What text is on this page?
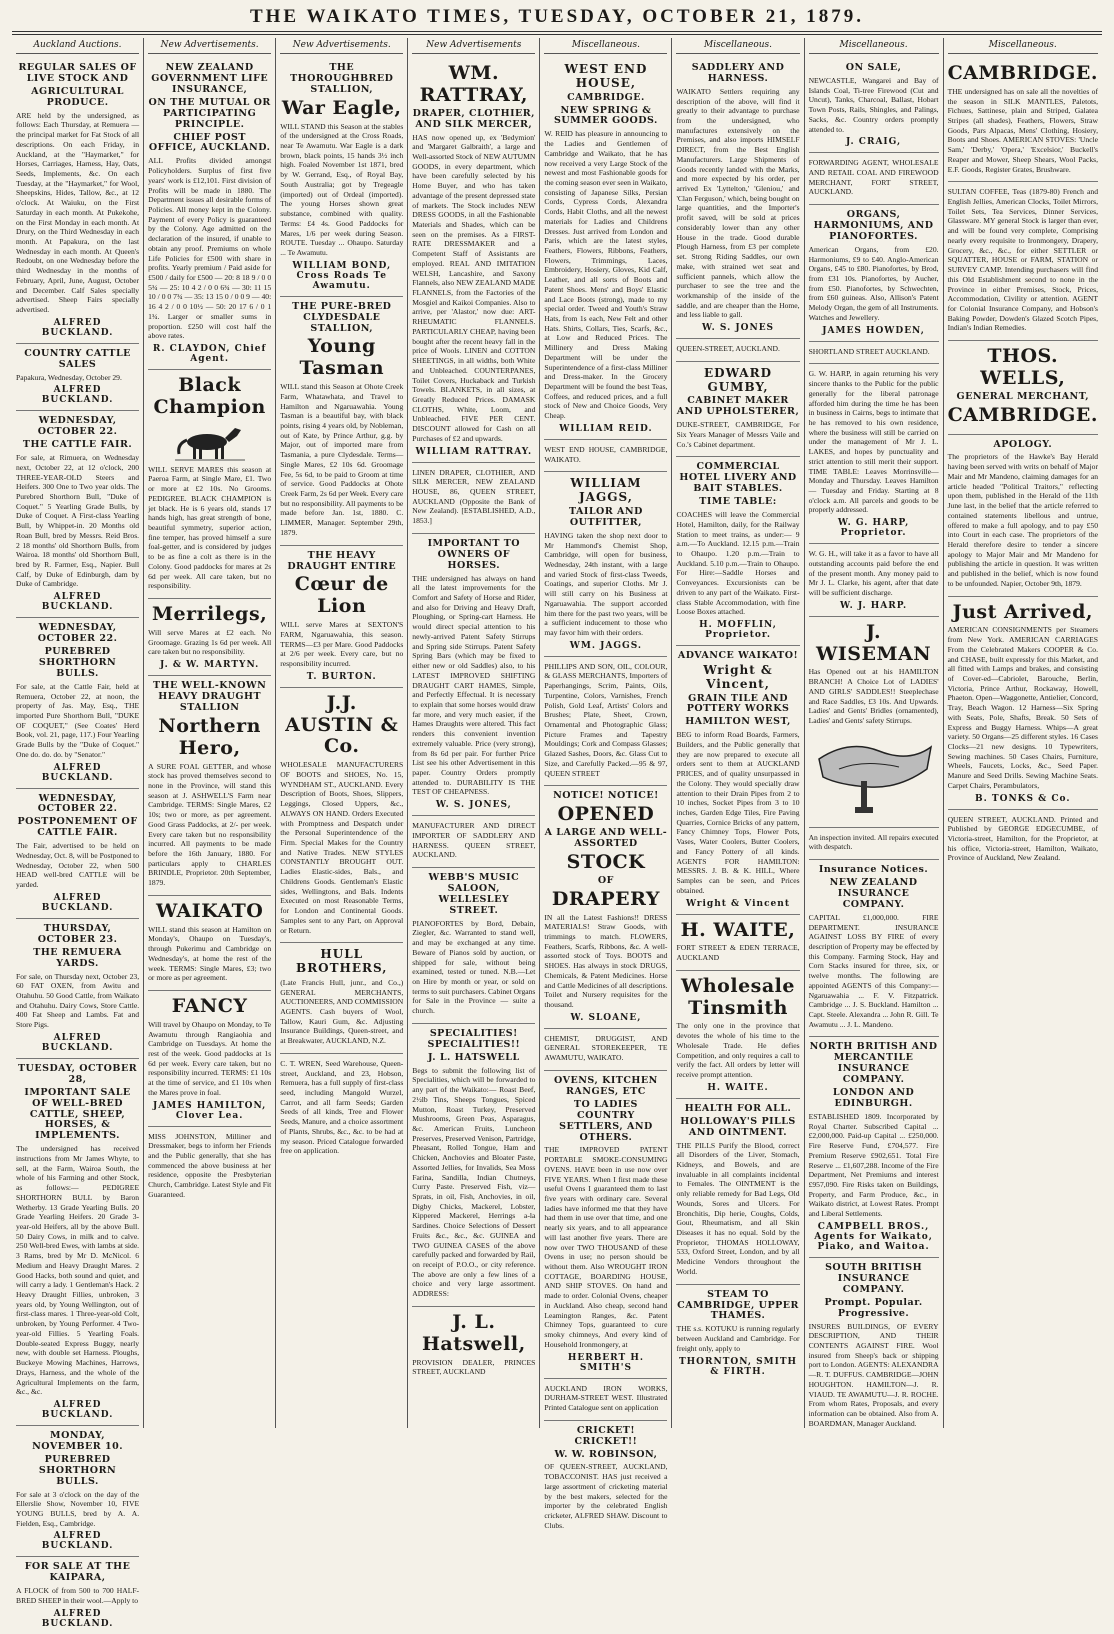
THE WAIKATO TIMES, TUESDAY, OCTOBER 21, 1879.
Auckland Auctions.
REGULAR SALES OF LIVE STOCK AND
AGRICULTURAL PRODUCE.
ARE held by the undersigned, as follows: Each Thursday, at Remuera — the principal market for Fat Stock of all descriptions. On each Friday, in Auckland, at the "Haymarket," for Horses, Carriages, Harness, Hay, Oats, Seeds, Implements, &c. On each Tuesday, at the "Haymarket," for Wool, Sheepskins, Hides, Tallow, &c., at 12 o'clock. At Waiuku, on the First Saturday in each month. At Pukekohe, on the First Monday in each month. At Drury, on the Third Wednesday in each month. At Papakura, on the last Wednesday in each month. At Queen's Redoubt, on one Wednesday before the third Wednesday in the months of February, April, June, August, October and December. Calf Sales specially advertised. Sheep Fairs specially advertised.
ALFRED BUCKLAND.
COUNTRY CATTLE SALES
Papakura, Wednesday, October 29.
ALFRED BUCKLAND.
WEDNESDAY, OCTOBER 22.
THE CATTLE FAIR.
For sale, at Rimuera, on Wednesday next, October 22, at 12 o'clock, 200 THREE-YEAR-OLD Steers and Heifers. 300 One to Two year olds. The Purebred Shorthorn Bull, "Duke of Coquet." 5 Yearling Grade Bulls, by Duke of Coquet. A First-class Yearling Bull, by Whippet-in. 20 Months old Roan Bull, bred by Messrs. Reid Bros. 2 18 months' old Shorthorn Bulls, from Wairoa. 18 months' old Shorthorn Bull, bred by R. Farmer, Esq., Napier. Bull Calf, by Duke of Edinburgh, dam by Duke of Cambridge.
ALFRED BUCKLAND.
WEDNESDAY, OCTOBER 22.
PUREBRED SHORTHORN BULLS.
For sale, at the Cattle Fair, held at Remuera, October 22, at noon, the property of Jas. May, Esq., THE imported Pure Shorthorn Bull, "DUKE OF COQUET," (See Coates' Herd Book, vol. 21, page, 117.) Four Yearling Grade Bulls by the "Duke of Coquet." One do. do. do. by "Senator."
ALFRED BUCKLAND.
WEDNESDAY, OCTOBER 22.
POSTPONEMENT OF CATTLE FAIR.
The Fair, advertised to be held on Wednesday, Oct. 8, will be Postponed to Wednesday, October 22, when 500 HEAD well-bred CATTLE will be yarded.
ALFRED BUCKLAND.
THURSDAY, OCTOBER 23.
THE REMUERA YARDS.
For sale, on Thursday next, October 23, 60 FAT OXEN, from Awitu and Otahuhu. 50 Good Cattle, from Waikato and Otahuhu. Dairy Cows, Store Cattle. 400 Fat Sheep and Lambs. Fat and Store Pigs.
ALFRED BUCKLAND.
TUESDAY, OCTOBER 28,
IMPORTANT SALE OF WELL-BRED CATTLE, SHEEP, HORSES, & IMPLEMENTS.
The undersigned has received instructions from Mr James Whyte, to sell, at the Farm, Wairoa South, the whole of his Farming and other Stock, as follows:— PEDIGREE SHORTHORN BULL by Baron Wetherby. 13 Grade Yearling Bulls. 20 Grade Yearling Heifers. 20 Grade 3-year-old Heifers, all by the above Bull. 50 Dairy Cows, in milk and to calve. 250 Well-bred Ewes, with lambs at side. 3 Rams, bred by Mr D. McNicol. 6 Medium and Heavy Draught Mares. 2 Good Hacks, both sound and quiet, and will carry a lady. 1 Gentleman's Hack. 2 Heavy Draught Fillies, unbroken, 3 years old, by Young Wellington, out of first-class mares. 1 Three-year-old Colt, unbroken, by Young Performer. 4 Two-year-old Fillies. 5 Yearling Foals. Double-seated Express Buggy, nearly new, with double set Harness. Ploughs, Buckeye Mowing Machines, Harrows, Drays, Harness, and the whole of the Agricultural Implements on the farm, &c., &c.
ALFRED BUCKLAND.
MONDAY, NOVEMBER 10.
PUREBRED SHORTHORN BULLS.
For sale at 3 o'clock on the day of the Ellerslie Show, November 10, FIVE YOUNG BULLS, bred by A. A. Fielden, Esq., Cambridge.
ALFRED BUCKLAND.
FOR SALE AT THE KAIPARA,
A FLOCK of from 500 to 700 HALF-BRED SHEEP in their wool.—Apply to
ALFRED BUCKLAND.
New Advertisements.
NEW ZEALAND GOVERNMENT LIFE INSURANCE,
ON THE MUTUAL OR PARTICIPATING PRINCIPLE.
CHIEF POST OFFICE, AUCKLAND.
ALL Profits divided amongst Policyholders. Surplus of first five years' work is £12,101. First division of Profits will be made in 1880. The Department issues all desirable forms of Policies. All money kept in the Colony. Payment of every Policy is guaranteed by the Colony. Age admitted on the declaration of the insured, if unable to obtain any proof. Premiums on whole Life Policies for £500 with share in profits. Yearly premium / Paid aside for £500 / daily for £500 — 20: 8 18 9 / 0 0 5¾ — 25: 10 4 2 / 0 0 6¾ — 30: 11 15 10 / 0 0 7¾ — 35: 13 15 0 / 0 0 9 — 40: 16 4 2 / 0 0 10½ — 50: 20 17 6 / 0 1 1¾. Larger or smaller sums in proportion. £250 will cost half the above rates.
R. CLAYDON, Chief Agent.
Black Champion
WILL SERVE MARES this season at Paeroa Farm, at Single Mare, £1. Two or more at £2 10s. No Grooms. PEDIGREE. BLACK CHAMPION is jet black. He is 6 years old, stands 17 hands high, has great strength of bone, beautiful symmetry, superior action, fine temper, has proved himself a sure foal-getter, and is considered by judges to be as fine a colt as there is in the Colony. Good paddocks for mares at 2s 6d per week. All care taken, but no responsibility.
Merrilegs,
Will serve Mares at £2 each. No Groomage. Grazing 1s 6d per week. All care taken but no responsibility.
J. & W. MARTYN.
THE WELL-KNOWN HEAVY DRAUGHT STALLION
Northern Hero,
A SURE FOAL GETTER, and whose stock has proved themselves second to none in the Province, will stand this season at J. ASHWELL'S Farm near Cambridge. TERMS: Single Mares, £2 10s; two or more, as per agreement. Good Grass Paddocks, at 2/- per week. Every care taken but no responsibility incurred. All payments to be made before the 16th January, 1880. For particulars apply to CHARLES BRINDLE, Proprietor. 20th September, 1879.
WAIKATO
WILL stand this season at Hamilton on Monday's, Ohaupo on Tuesday's, through Pukerimu and Cambridge on Wednesday's, at home the rest of the week. TERMS: Single Mares, £3; two or more as per agreement.
FANCY
Will travel by Ohaupo on Monday, to Te Awamutu through Rangiaohia and Cambridge on Tuesdays. At home the rest of the week. Good paddocks at 1s 6d per week. Every care taken, but no responsibility incurred. TERMS: £1 10s at the time of service, and £1 10s when the Mares prove in foal.
JAMES HAMILTON, Clover Lea.
MISS JOHNSTON, Milliner and Dressmaker, begs to inform her Friends and the Public generally, that she has commenced the above business at her residence, opposite the Presbyterian Church, Cambridge. Latest Style and Fit Guaranteed.
New Advertisements.
THE THOROUGHBRED STALLION,
War Eagle,
WILL STAND this Season at the stables of the undersigned at the Cross Roads, near Te Awamutu. War Eagle is a dark brown, black points, 15 hands 3½ inch high. Foaled November 1st 1871, bred by W. Gerrand, Esq., of Royal Bay, South Australia; got by Tregeagle (imported) out of Ordeal (imported). The young Horses shown great substance, combined with quality. Terms: £4 4s. Good Paddocks for Mares, 1/6 per week during Season. ROUTE. Tuesday ... Ohaupo. Saturday ... Te Awamutu.
WILLIAM BOND, Cross Roads Te Awamutu.
THE PURE-BRED CLYDESDALE STALLION,
Young Tasman
WILL stand this Season at Ohote Creek Farm, Whatawhata, and Travel to Hamilton and Ngaruawahia. Young Tasman is a beautiful bay, with black points, rising 4 years old, by Nobleman, out of Kate, by Prince Arthur, g.g. by Major, out of imported mare from Tasmania, a pure Clydesdale. Terms—Single Mares, £2 10s 6d. Groomage Fee, 5s 6d, to be paid to Groom at time of service. Good Paddocks at Ohote Creek Farm, 2s 6d per Week. Every care but no responsibility. All payments to be made before Jan. 1st, 1880. C. LIMMER, Manager. September 29th, 1879.
THE HEAVY DRAUGHT ENTIRE
Cœur de Lion
WILL serve Mares at SEXTON'S FARM, Ngaruawahia, this season. TERMS—£3 per Mare. Good Paddocks at 2/6 per week. Every care, but no responsibility incurred.
T. BURTON.
J.J. AUSTIN & Co.
WHOLESALE MANUFACTURERS OF BOOTS and SHOES, No. 15, WYNDHAM ST., AUCKLAND. Every Description of Boots, Shoes, Slippers, Leggings, Closed Uppers, &c., ALWAYS ON HAND. Orders Executed with Promptness and Despatch under the Personal Superintendence of the Firm. Special Makes for the Country and Native Trades. NEW STYLES CONSTANTLY BROUGHT OUT. Ladies Elastic-sides, Bals., and Childrens Goods. Gentleman's Elastic sides, Wellingtons, and Bals. Indents Executed on most Reasonable Terms, for London and Continental Goods. Samples sent to any Part, on Approval or Return.
HULL BROTHERS,
(Late Francis Hull, junr., and Co.,) GENERAL MERCHANTS, AUCTIONEERS, AND COMMISSION AGENTS. Cash buyers of Wool, Tallow, Kauri Gum, &c. Adjusting Insurance Buildings, Queen-street, and at Breakwater, AUCKLAND, N.Z.
C. T. WREN, Seed Warehouse, Queen-street, Auckland, and 23, Hobson, Remuera, has a full supply of first-class seed, including Mangold Wurzel, Carrot, and all farm Seeds; Garden Seeds of all kinds, Tree and Flower Seeds, Manure, and a choice assortment of Plants, Shrubs, &c., &c. to be had at my season. Priced Catalogue forwarded free on application.
New Advertisements
WM. RATTRAY,
DRAPER, CLOTHIER, AND SILK MERCER,
HAS now opened up, ex 'Bedymion' and 'Margaret Galbraith', a large and Well-assorted Stock of NEW AUTUMN GOODS, in every department, which have been carefully selected by his Home Buyer, and who has taken advantage of the present depressed state of markets. The Stock includes NEW DRESS GOODS, in all the Fashionable Materials and Shades, which can be seen on the premises. As a FIRST-RATE DRESSMAKER and a Competent Staff of Assistants are employed. REAL AND IMITATION WELSH, Lancashire, and Saxony Flannels, also NEW ZEALAND MADE FLANNELS, from the Factories of the Mosgiel and Kaikoi Companies. Also to arrive, per 'Alastor,' now due: ART-RHEUMATIC FLANNELS. PARTICULARLY CHEAP, having been bought after the recent heavy fall in the price of Wools. LINEN and COTTON SHEETINGS, in all widths, both White and Unbleached. COUNTERPANES, Toilet Covers, Huckaback and Turkish Towels. BLANKETS, in all sizes, at Greatly Reduced Prices. DAMASK CLOTHS, White, Loom, and Unbleached. FIVE PER CENT. DISCOUNT allowed for Cash on all Purchases of £2 and upwards.
WILLIAM RATTRAY.
LINEN DRAPER, CLOTHIER, AND SILK MERCER, NEW ZEALAND HOUSE, 86, QUEEN STREET, AUCKLAND (Opposite the Bank of New Zealand). [ESTABLISHED, A.D., 1853.]
IMPORTANT TO OWNERS OF HORSES.
THE undersigned has always on hand all the latest improvements for the Comfort and Safety of Horse and Rider, and also for Driving and Heavy Draft, Ploughing, or Spring-cart Harness. He would direct special attention to his newly-arrived Patent Safety Stirrups and Spring side Stirrups. Patent Safety Spring Bars (which may be fixed to either new or old Saddles) also, to his LATEST IMPROVED SHIFTING DRAUGHT CART HAMES, Simple, and Perfectly Effectual. It is necessary to explain that some horses would draw far more, and very much easier, if the Hames Draughts were altered. This fact renders this convenient invention extremely valuable. Price (very strong), from 8s 6d per pair. For further Price List see his other Advertisement in this paper. Country Orders promptly attended to. DURABILITY IS THE TEST OF CHEAPNESS.
W. S. JONES,
MANUFACTURER AND DIRECT IMPORTER OF SADDLERY AND HARNESS. QUEEN STREET, AUCKLAND.
WEBB'S MUSIC SALOON, WELLESLEY STREET.
PIANOFORTES by Bord, Debain, Ziegler, &c. Warranted to stand well, and may be exchanged at any time. Beware of Pianos sold by auction, or shipped for sale, without being examined, tested or tuned. N.B.—Let on Hire by month or year, or sold on terms to suit purchasers. Cabinet Organs for Sale in the Province — suite a church.
SPECIALITIES! SPECIALITIES!!
J. L. HATSWELL
Begs to submit the following list of Specialities, which will be forwarded to any part of the Waikato:— Roast Beef, 2½lb Tins, Sheeps Tongues, Spiced Mutton, Roast Turkey, Preserved Mushrooms, Green Peas, Asparagus, &c. American Fruits, Luncheon Preserves, Preserved Venison, Partridge, Pheasant, Rolled Tongue, Ham and Chicken, Anchovies and Bloater Paste, Assorted Jellies, for Invalids, Sea Moss Farina, Sandilla, Indian Chutneys, Curry Paste. Preserved Fish, viz—Sprats, in oil, Fish, Anchovies, in oil, Digby Chicks, Mackerel, Lobster, Kippered Mackerel, Herrings a-la Sardines. Choice Selections of Dessert Fruits &c., &c., &c. GUINEA and TWO GUINEA CASES of the above carefully packed and forwarded by Rail, on receipt of P.O.O., or city reference. The above are only a few lines of a choice and very large assortment. ADDRESS:
J. L. Hatswell,
PROVISION DEALER, PRINCES STREET, AUCKLAND
Miscellaneous.
WEST END HOUSE,
CAMBRIDGE.
NEW SPRING & SUMMER GOODS.
W. REID has pleasure in announcing to the Ladies and Gentlemen of Cambridge and Waikato, that he has now received a very Large Stock of the newest and most Fashionable goods for the coming season ever seen in Waikato, consisting of Japanese Silks, Persian Cords, Cypress Cords, Alexandra Cords, Habit Cloths, and all the newest materials for Ladies and Childrens Dresses. Just arrived from London and Paris, which are the latest styles, Feathers, Flowers, Ribbons, Feathers, Flowers, Trimmings, Laces, Embroidery, Hosiery, Gloves, Kid Calf, Leather, and all sorts of Boots and Patent Shoes. Mens' and Boys' Elastic and Lace Boots (strong), made to my special order. Tweed and Youth's Straw Hats, from 1s each, New Felt and other Hats. Shirts, Collars, Ties, Scarfs, &c., at Low and Reduced Prices. The Millinery and Dress Making Department will be under the Superintendence of a first-class Milliner and Dress-maker. In the Grocery Department will be found the best Teas, Coffees, and reduced prices, and a full stock of New and Choice Goods, Very Cheap.
WILLIAM REID.
WEST END HOUSE, CAMBRIDGE, WAIKATO.
WILLIAM JAGGS,
TAILOR AND OUTFITTER,
HAVING taken the shop next door to Mr Hammond's Chemist Shop, Cambridge, will open for business, Wednesday, 24th instant, with a large and varied Stock of first-class Tweeds, Coatings, and superior Cloths. Mr J. will still carry on his Business at Ngaruawahia. The support accorded him there for the past two years, will be a sufficient inducement to those who may favor him with their orders.
WM. JAGGS.
PHILLIPS AND SON, OIL, COLOUR, & GLASS MERCHANTS, Importers of Paperhangings, Scrim, Paints, Oils, Turpentine, Colors, Varnishes, French Polish, Gold Leaf, Artists' Colors and Brushes; Plate, Sheet, Crown, Ornamental and Photographic Glass; Picture Frames and Tapestry Mouldings; Cork and Compass Glasses; Glazed Sashes, Doors, &c. Glass Cut to Size, and Carefully Packed.—95 & 97, QUEEN STREET
NOTICE! NOTICE!
OPENED
A LARGE AND WELL-ASSORTED
STOCK
OF
DRAPERY
IN all the Latest Fashions!! DRESS MATERIALS! Straw Goods, with trimmings to match. FLOWERS, Feathers, Scarfs, Ribbons, &c. A well-assorted stock of Toys. BOOTS and SHOES. Has always in stock DRUGS, Chemicals, & Patent Medicines. Horse and Cattle Medicines of all descriptions. Toilet and Nursery requisites for the thousand.
W. SLOANE,
CHEMIST, DRUGGIST, AND GENERAL STOREKEEPER, TE AWAMUTU, WAIKATO.
OVENS, KITCHEN RANGES, ETC
TO LADIES COUNTRY SETTLERS, AND OTHERS.
THE IMPROVED PATENT PORTABLE SMOKE-CONSUMING OVENS. HAVE been in use now over FIVE YEARS. When I first made these useful Ovens I guaranteed them to last five years with ordinary care. Several ladies have informed me that they have had them in use over that time, and one nearly six years, and to all appearance will last another five years. There are now over TWO THOUSAND of these Ovens in use; no person should be without them. Also WROUGHT IRON COTTAGE, BOARDING HOUSE, AND SHIP STOVES. On hand and made to order. Colonial Ovens, cheaper in Auckland. Also cheap, second hand Leamington Ranges, &c. Patent Chimney Tops, guaranteed to cure smoky chimneys, And every kind of Household Ironmongery, at
HERBERT H. SMITH'S
AUCKLAND IRON WORKS, DURHAM-STREET WEST. Illustrated Printed Catalogue sent on application
CRICKET! CRICKET!!
W. W. ROBINSON,
OF QUEEN-STREET, AUCKLAND, TOBACCONIST. HAS just received a large assortment of cricketing material by the best makers, selected for the importer by the celebrated English cricketer, ALFRED SHAW. Discount to Clubs.
Miscellaneous.
SADDLERY AND HARNESS.
WAIKATO Settlers requiring any description of the above, will find it greatly to their advantage to purchase from the undersigned, who manufactures extensively on the Premises, and also imports HIMSELF DIRECT, from the Best English Manufacturers. Large Shipments of Goods recently landed with the Marks, and more expected by his order, per arrived Ex 'Lyttelton,' 'Gleniou,' and 'Clan Ferguson,' which, being bought on large quantities, and the Importer's profit saved, will be sold at prices considerably lower than any other House in the trade. Good durable Plough Harness, from £3 per complete set. Strong Riding Saddles, our own make, with strained wet seat and sufficient pannels, which allow the purchaser to see the tree and the workmanship of the inside of the saddle, and are cheaper than the Home, and less liable to gall.
W. S. JONES
QUEEN-STREET, AUCKLAND.
EDWARD GUMBY,
CABINET MAKER AND UPHOLSTERER,
DUKE-STREET, CAMBRIDGE, For Six Years Manager of Messrs Vaile and Co.'s Cabinet department.
COMMERCIAL HOTEL LIVERY AND BAIT STABLES.
TIME TABLE:
COACHES will leave the Commercial Hotel, Hamilton, daily, for the Railway Station to meet trains, as under:— 9 a.m.—To Auckland. 12.15 p.m.—Train to Ohaupo. 1.20 p.m.—Train to Auckland. 5.10 p.m.—Train to Ohaupo. For Hire:—Saddle Horses and Conveyances. Excursionists can be driven to any part of the Waikato. First-class Stable Accommodation, with fine Loose Boxes attached.
H. MOFFLIN, Proprietor.
ADVANCE WAIKATO!
Wright & Vincent,
GRAIN TILE AND POTTERY WORKS
HAMILTON WEST,
BEG to inform Road Boards, Farmers, Builders, and the Public generally that they are now prepared to execute all orders sent to them at AUCKLAND PRICES, and of quality unsurpassed in the Colony. They would specially draw attention to their Drain Pipes from 2 to 10 inches, Socket Pipes from 3 to 10 inches, Garden Edge Tiles, Fire Paving Quarries, Cornice Bricks of any pattern, Fancy Chimney Tops, Flower Pots, Vases, Water Coolers, Butter Coolers, and Fancy Pottery of all kinds. AGENTS FOR HAMILTON: MESSRS. J. B. & K. HILL, Where Samples can be seen, and Prices obtained.
Wright & Vincent
H. WAITE,
FORT STREET & EDEN TERRACE, AUCKLAND
Wholesale Tinsmith
The only one in the province that devotes the whole of his time to the Wholesale Trade. He defies Competition, and only requires a call to verify the fact. All orders by letter will receive prompt attention.
H. WAITE.
HEALTH FOR ALL.
HOLLOWAY'S PILLS AND OINTMENT.
THE PILLS Purify the Blood, correct all Disorders of the Liver, Stomach, Kidneys, and Bowels, and are invaluable in all complaints incidental to Females. The OINTMENT is the only reliable remedy for Bad Legs, Old Wounds, Sores and Ulcers. For Bronchitis, Dip herie, Coughs, Colds, Gout, Rheumatism, and all Skin Diseases it has no equal. Sold by the Proprietor, THOMAS HOLLOWAY, 533, Oxford Street, London, and by all Medicine Vendors throughout the World.
STEAM TO CAMBRIDGE, UPPER THAMES.
THE s.s. KOTUKU is running regularly between Auckland and Cambridge. For freight only, apply to
THORNTON, SMITH & FIRTH.
Miscellaneous.
ON SALE,
NEWCASTLE, Wangarei and Bay of Islands Coal, Ti-tree Firewood (Cut and Uncut), Tanks, Charcoal, Ballast, Hobart Town Posts, Rails, Shingles, and Palings, Sacks, &c. Country orders promptly attended to.
J. CRAIG,
FORWARDING AGENT, WHOLESALE AND RETAIL COAL AND FIREWOOD MERCHANT, FORT STREET, AUCKLAND.
ORGANS, HARMONIUMS, AND PIANOFORTES.
American Organs, from £20. Harmoniums, £9 to £40. Anglo-American Organs, £45 to £80. Pianofortes, by Brod, from £31 10s. Pianofortes, by Aucher, from £50. Pianofortes, by Schwechten, from £60 guineas. Also, Allison's Patent Melody Organ, the gem of all Instruments. Watches and Jewellery.
JAMES HOWDEN,
SHORTLAND STREET AUCKLAND.
G. W. HARP, in again returning his very sincere thanks to the Public for the public generally for the liberal patronage afforded him during the time he has been in business in Cairns, begs to intimate that he has removed to his own residence, where the business will still be carried on under the management of Mr J. L. LAKES, and hopes by punctuality and strict attention to still merit their support. TIME TABLE: Leaves Morrinsville— Monday and Thursday. Leaves Hamilton— Tuesday and Friday. Starting at 8 o'clock a.m. All parcels and goods to be properly addressed.
W. G. HARP, Proprietor.
W. G. H., will take it as a favor to have all outstanding accounts paid before the end of the present month. Any money paid to Mr J. L. Clarke, his agent, after that date will be sufficient discharge.
W. J. HARP.
J. WISEMAN
Has Opened out at his HAMILTON BRANCH! A Choice Lot of LADIES' AND GIRLS' SADDLES!! Steeplechase and Race Saddles, £3 10s. And Upwards. Ladies' and Gents' Bridles (ornamented), Ladies' and Gents' safety Stirrups.
An inspection invited. All repairs executed with despatch.
Insurance Notices.
NEW ZEALAND INSURANCE COMPANY.
CAPITAL £1,000,000. FIRE DEPARTMENT. INSURANCE AGAINST LOSS BY FIRE of every description of Property may be effected by this Company. Farming Stock, Hay and Corn Stacks insured for three, six, or twelve months. The following are appointed AGENTS of this Company:— Ngaruawahia ... F. V. Fitzpatrick. Cambridge ... J. S. Buckland. Hamilton ... Capt. Steele. Alexandra ... John R. Gill. Te Awamutu ... J. L. Mandeno.
NORTH BRITISH AND MERCANTILE INSURANCE COMPANY.
LONDON AND EDINBURGH.
ESTABLISHED 1809. Incorporated by Royal Charter. Subscribed Capital ... £2,000,000. Paid-up Capital ... £250,000. Fire Reserve Fund, £704,577. Fire Premium Reserve £902,651. Total Fire Reserve ... £1,607,288. Income of the Fire Department, Net Premiums and interest £957,090. Fire Risks taken on Buildings, Property, and Farm Produce, &c., in Waikato district, at Lowest Rates. Prompt and Liberal Settlements.
CAMPBELL BROS., Agents for Waikato, Piako, and Waitoa.
SOUTH BRITISH INSURANCE COMPANY.
Prompt. Popular. Progressive.
INSURES BUILDINGS, OF EVERY DESCRIPTION, AND THEIR CONTENTS AGAINST FIRE. Wool insured from Sheep's back or shipping port to London. AGENTS: ALEXANDRA—R. T. DUFFUS. CAMBRIDGE—JOHN HOUGHTON. HAMILTON—J. R. VIAUD. TE AWAMUTU—J. R. ROCHE. From whom Rates, Proposals, and every information can be obtained. Also from A. BOARDMAN, Manager Auckland.
Miscellaneous.
CAMBRIDGE.
THE undersigned has on sale all the novelties of the season in SILK MANTLES, Paletots, Fichues, Sattinese, plain and Striped, Galatea Stripes (all shades), Feathers, Flowers, Straw Goods, Pars Alpacas, Mens' Clothing, Hosiery, Boots and Shoes. AMERICAN STOVES: 'Uncle Sam,' 'Derby,' 'Opera,' 'Excelsior,' Buckell's Reaper and Mower, Sheep Shears, Wool Packs, E.F. Goods, Register Grates, Brushware.
SULTAN COFFEE, Teas (1879-80) French and English Jellies, American Clocks, Toilet Mirrors, Toilet Sets, Tea Services, Dinner Services, Glassware. MY general Stock is larger than ever, and will be found very complete, Comprising nearly every requisite to Ironmongery, Drapery, Grocery, &c., &c., for either SETTLER or SQUATTER, HOUSE or FARM, STATION or SURVEY CAMP. Intending purchasers will find this Old Establishment second to none in the Province in either Premises, Stock, Prices, Accommodation, Civility or attention. AGENT for Colonial Insurance Company, and Hobson's Baking Powder, Dowden's Glazed Scotch Pipes, Indian's Indian Remedies.
THOS. WELLS,
GENERAL MERCHANT,
CAMBRIDGE.
APOLOGY.
The proprietors of the Hawke's Bay Herald having been served with writs on behalf of Major Mair and Mr Mandeno, claiming damages for an article headed "Political Traitors," reflecting upon them, published in the Herald of the 11th June last, in the belief that the article referred to contained statements libellous and untrue, offered to make a full apology, and to pay £50 into Court in each case. The proprietors of the Herald therefore desire to tender a sincere apology to Major Mair and Mr Mandeno for publishing the article in question. It was written and published in the belief, which is now found to be unfounded. Napier, October 9th, 1879.
Just Arrived,
AMERICAN CONSIGNMENTS per Steamers from New York. AMERICAN CARRIAGES From the Celebrated Makers COOPER & Co. and CHASE, built expressly for this Market, and all fitted with Lamps and brakes, and consisting of Cover-ed—Cabriolet, Barouche, Berlin, Victoria, Prince Arthur, Rockaway, Howell, Phaeton. Open—Waggonette, Antielier, Concord, Tray, Beach Wagon. 12 Harness—Six Spring with Seats, Pole, Shafts, Break. 50 Sets of Express and Buggy Harness. Whips—A great variety. 50 Organs—25 different styles. 16 Cases Clocks—21 new designs. 10 Typewriters, Sewing machines. 50 Cases Chairs, Furniture, Wheels, Faucets, Locks, &c., Seed Paper. Manure and Seed Drills. Sewing Machine Seats. Carpet Chairs, Perambulators,
B. TONKS & Co.
QUEEN STREET, AUCKLAND. Printed and Published by GEORGE EDGECUMBE, of Victoria-street, Hamilton, for the Proprietor, at his office, Victoria-street, Hamilton, Waikato, Province of Auckland, New Zealand.
